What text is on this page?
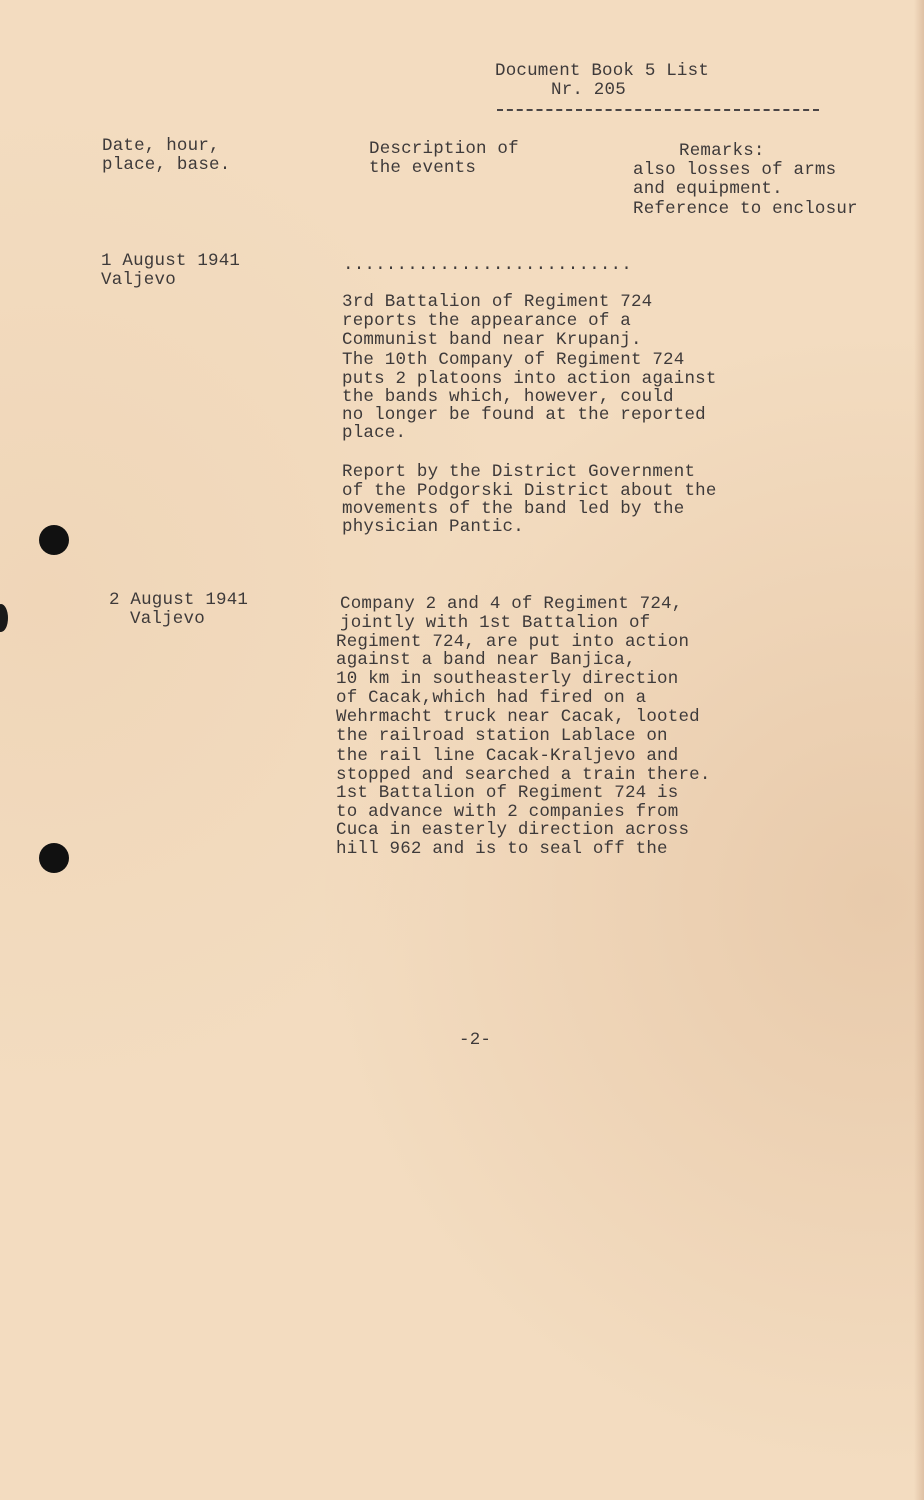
Document Book 5 List
Nr. 205
Date, hour,
place, base.
Description of
the events
Remarks:
also losses of arms
and equipment.
Reference to enclosur
1 August 1941
Valjevo
...........................
3rd Battalion of Regiment 724
reports the appearance of a
Communist band near Krupanj.
The 10th Company of Regiment 724
puts 2 platoons into action against
the bands which, however, could
no longer be found at the reported
place.
Report by the District Government
of the Podgorski District about the
movements of the band led by the
physician Pantic.
2 August 1941
Valjevo
Company 2 and 4 of Regiment 724,
jointly with 1st Battalion of
Regiment 724, are put into action
against a band near Banjica,
10 km in southeasterly direction
of Cacak,which had fired on a
Wehrmacht truck near Cacak, looted
the railroad station Lablace on
the rail line Cacak-Kraljevo and
stopped and searched a train there.
1st Battalion of Regiment 724 is
to advance with 2 companies from
Cuca in easterly direction across
hill 962 and is to seal off the
-2-
